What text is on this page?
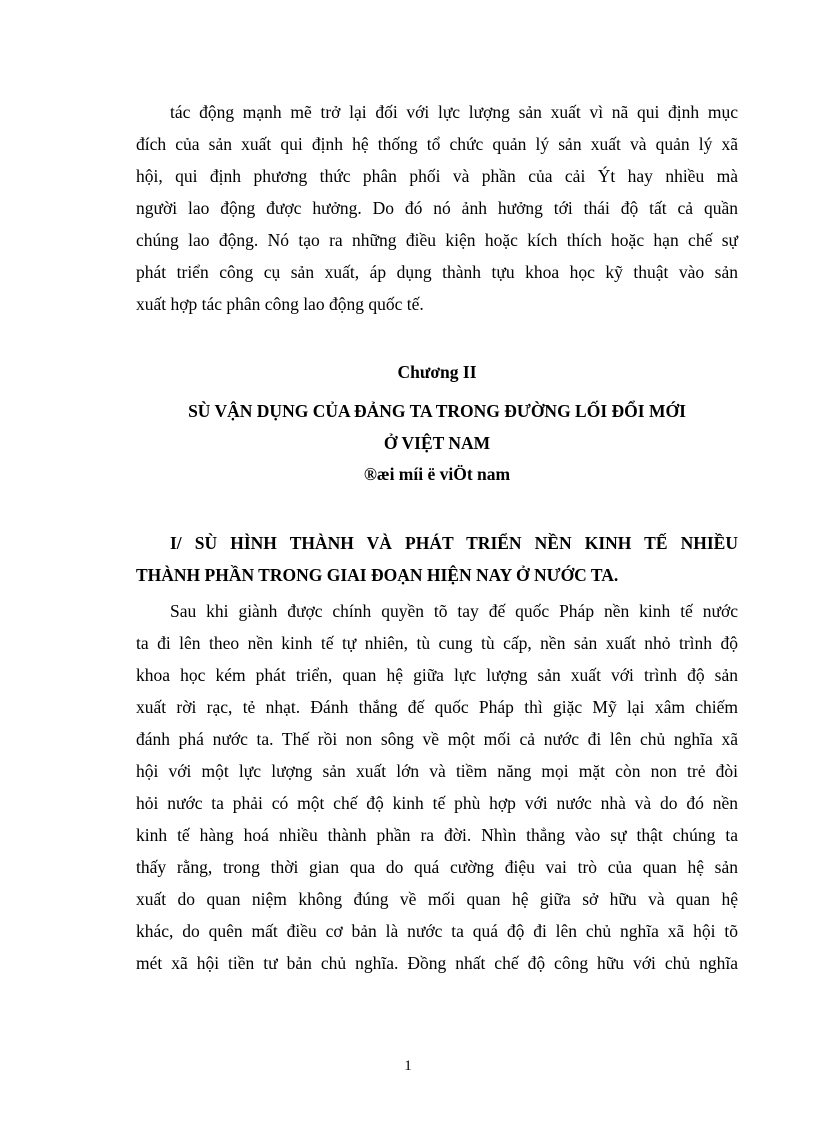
tác động mạnh mẽ trở lại đối với lực lượng sản xuất vì nã qui định mục
đích của sản xuất qui định hệ thống tổ chức quản lý sản xuất và quản lý xã
hội, qui định phương thức phân phối và phần của cải Ýt hay nhiều mà
người lao động được hưởng. Do đó nó ảnh hưởng tới thái độ tất cả quần
chúng lao động. Nó tạo ra những điều kiện hoặc kích thích hoặc hạn chế sự
phát triển công cụ sản xuất, áp dụng thành tựu khoa học kỹ thuật vào sản
xuất hợp tác phân công lao động quốc tế.
Chương II
SÙ VẬN DỤNG CỦA ĐẢNG TA TRONG ĐƯỜNG LỐI ĐỔI MỚI
Ở VIỆT NAM
®æi míi ë viÖt nam
I/ SÙ HÌNH THÀNH VÀ PHÁT TRIỂN NỀN KINH TẾ NHIỀU
THÀNH PHẦN TRONG GIAI ĐOẠN HIỆN NAY Ở NƯỚC TA.
Sau khi giành được chính quyền tõ tay đế quốc Pháp nền kinh tế nước
ta đi lên theo nền kinh tế tự nhiên, tù cung tù cấp, nền sản xuất nhỏ trình độ
khoa học kém phát triển, quan hệ giữa lực lượng sản xuất với trình độ sản
xuất rời rạc, tẻ nhạt. Đánh thắng đế quốc Pháp thì giặc Mỹ lại xâm chiếm
đánh phá nước ta. Thế rồi non sông về một mối cả nước đi lên chủ nghĩa xã
hội với một lực lượng sản xuất lớn và tiềm năng mọi mặt còn non trẻ đòi
hỏi nước ta phải có một chế độ kinh tế phù hợp với nước nhà và do đó nền
kinh tế hàng hoá nhiều thành phần ra đời. Nhìn thẳng vào sự thật chúng ta
thấy rằng, trong thời gian qua do quá cường điệu vai trò của quan hệ sản
xuất do quan niệm không đúng về mối quan hệ giữa sở hữu và quan hệ
khác, do quên mất điều cơ bản là nước ta quá độ đi lên chủ nghĩa xã hội tõ
mét xã hội tiền tư bản chủ nghĩa. Đồng nhất chế độ công hữu với chủ nghĩa
1
